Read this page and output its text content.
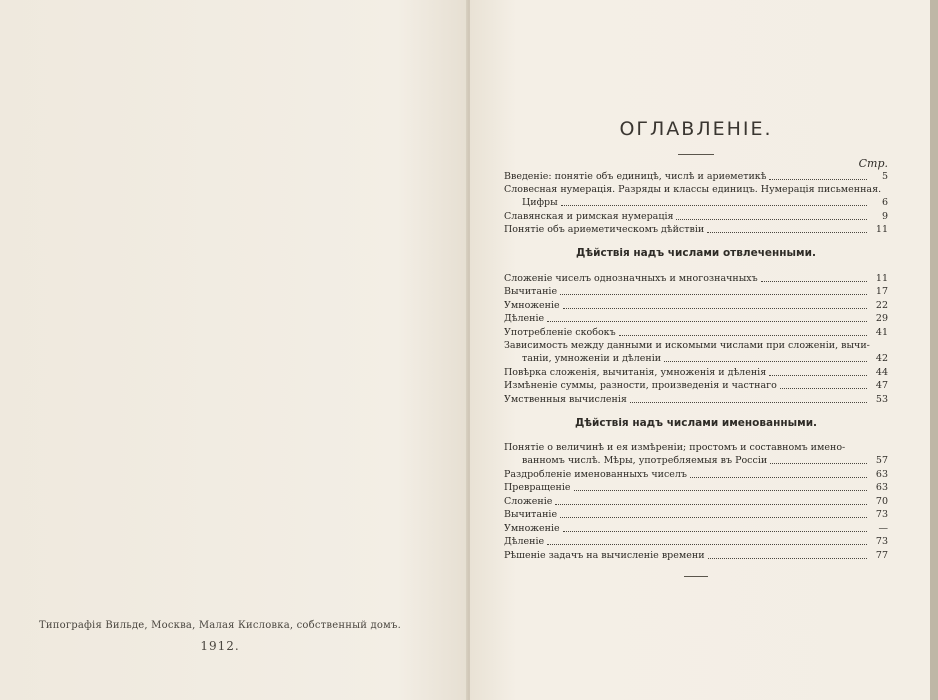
Типографія Вильде, Москва, Малая Кисловка, собственный домъ.
1912.
ОГЛАВЛЕНІЕ.
Стр.
Введеніе: понятіе объ единицѣ, числѣ и ариѳметикѣ	5
Словесная нумерація. Разряды и классы единицъ. Нумерація письменная.
Цифры	6
Славянская и римская нумерація	9
Понятіе объ ариѳметическомъ дѣйствіи	11
Дѣйствія надъ числами отвлеченными.
Сложеніе чиселъ однозначныхъ и многозначныхъ	11
Вычитаніе	17
Умноженіе	22
Дѣленіе	29
Употребленіе скобокъ	41
Зависимость между данными и искомыми числами при сложеніи, вычи-
таніи, умноженіи и дѣленіи	42
Повѣрка сложенія, вычитанія, умноженія и дѣленія	44
Измѣненіе суммы, разности, произведенія и частнаго	47
Умственныя вычисленія	53
Дѣйствія надъ числами именованными.
Понятіе о величинѣ и ея измѣреніи; простомъ и составномъ имено-
ванномъ числѣ. Мѣры, употребляемыя въ Россіи	57
Раздробленіе именованныхъ чиселъ	63
Превращеніе	63
Сложеніе	70
Вычитаніе	73
Умноженіе	—
Дѣленіе	73
Рѣшеніе задачъ на вычисленіе времени	77
